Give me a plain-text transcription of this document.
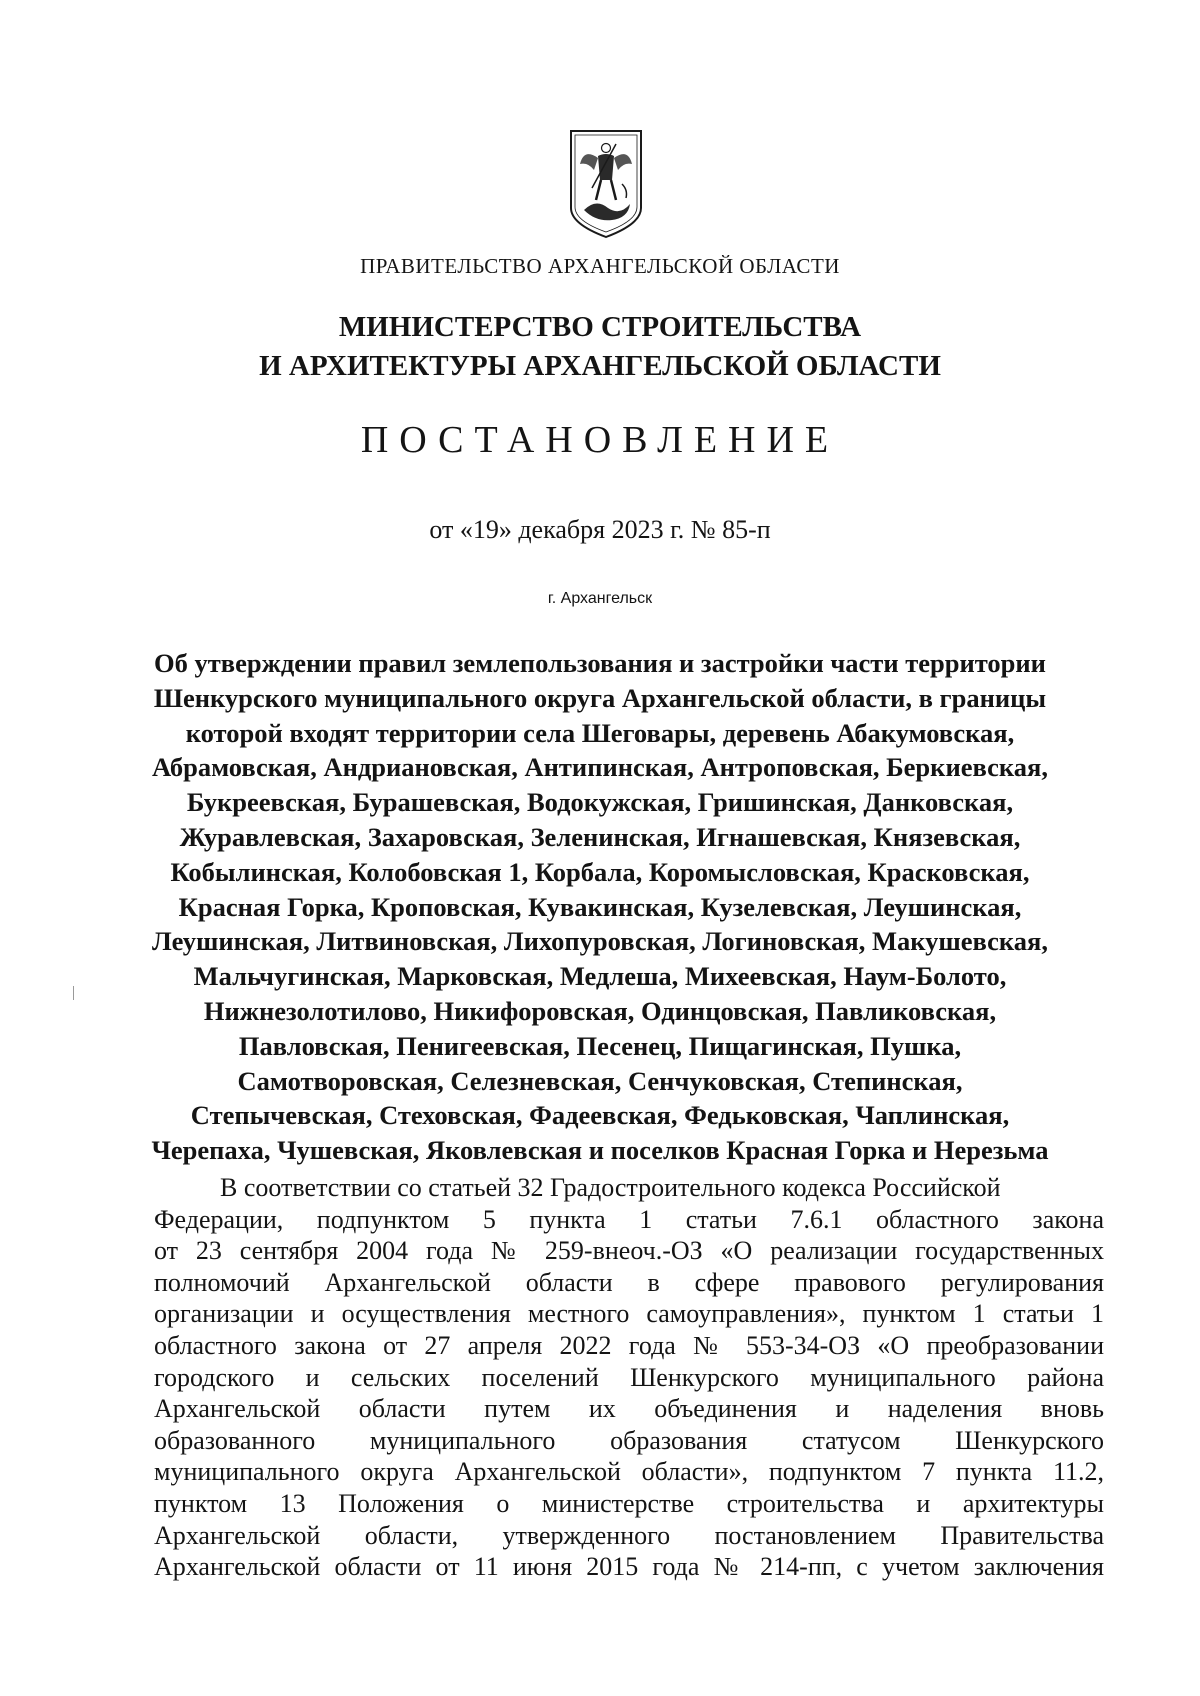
ПРАВИТЕЛЬСТВО АРХАНГЕЛЬСКОЙ ОБЛАСТИ
МИНИСТЕРСТВО СТРОИТЕЛЬСТВА
И АРХИТЕКТУРЫ АРХАНГЕЛЬСКОЙ ОБЛАСТИ
ПОСТАНОВЛЕНИЕ
от «19» декабря 2023 г. № 85-п
г. Архангельск
Об утверждении правил землепользования и застройки части территории
Шенкурского муниципального округа Архангельской области, в границы
которой входят территории села Шеговары, деревень Абакумовская,
Абрамовская, Андриановская, Антипинская, Антроповская, Беркиевская,
Букреевская, Бурашевская, Водокужская, Гришинская, Данковская,
Журавлевская, Захаровская, Зеленинская, Игнашевская, Князевская,
Кобылинская, Колобовская 1, Корбала, Коромысловская, Красковская,
Красная Горка, Кроповская, Кувакинская, Кузелевская, Леушинская,
Леушинская, Литвиновская, Лихопуровская, Логиновская, Макушевская,
Мальчугинская, Марковская, Медлеша, Михеевская, Наум-Болото,
Нижнезолотилово, Никифоровская, Одинцовская, Павликовская,
Павловская, Пенигеевская, Песенец, Пищагинская, Пушка,
Самотворовская, Селезневская, Сенчуковская, Степинская,
Степычевская, Стеховская, Фадеевская, Федьковская, Чаплинская,
Черепаха, Чушевская, Яковлевская и поселков Красная Горка и Нерезьма
В соответствии со статьей 32 Градостроительного кодекса Российской
Федерации, подпунктом 5 пункта 1 статьи 7.6.1 областного закона
от 23 сентября 2004 года № 259-внеоч.-ОЗ «О реализации государственных
полномочий Архангельской области в сфере правового регулирования
организации и осуществления местного самоуправления», пунктом 1 статьи 1
областного закона от 27 апреля 2022 года № 553-34-ОЗ «О преобразовании
городского и сельских поселений Шенкурского муниципального района
Архангельской области путем их объединения и наделения вновь
образованного муниципального образования статусом Шенкурского
муниципального округа Архангельской области», подпунктом 7 пункта 11.2,
пунктом 13 Положения о министерстве строительства и архитектуры
Архангельской области, утвержденного постановлением Правительства
Архангельской области от 11 июня 2015 года № 214-пп, с учетом заключения
